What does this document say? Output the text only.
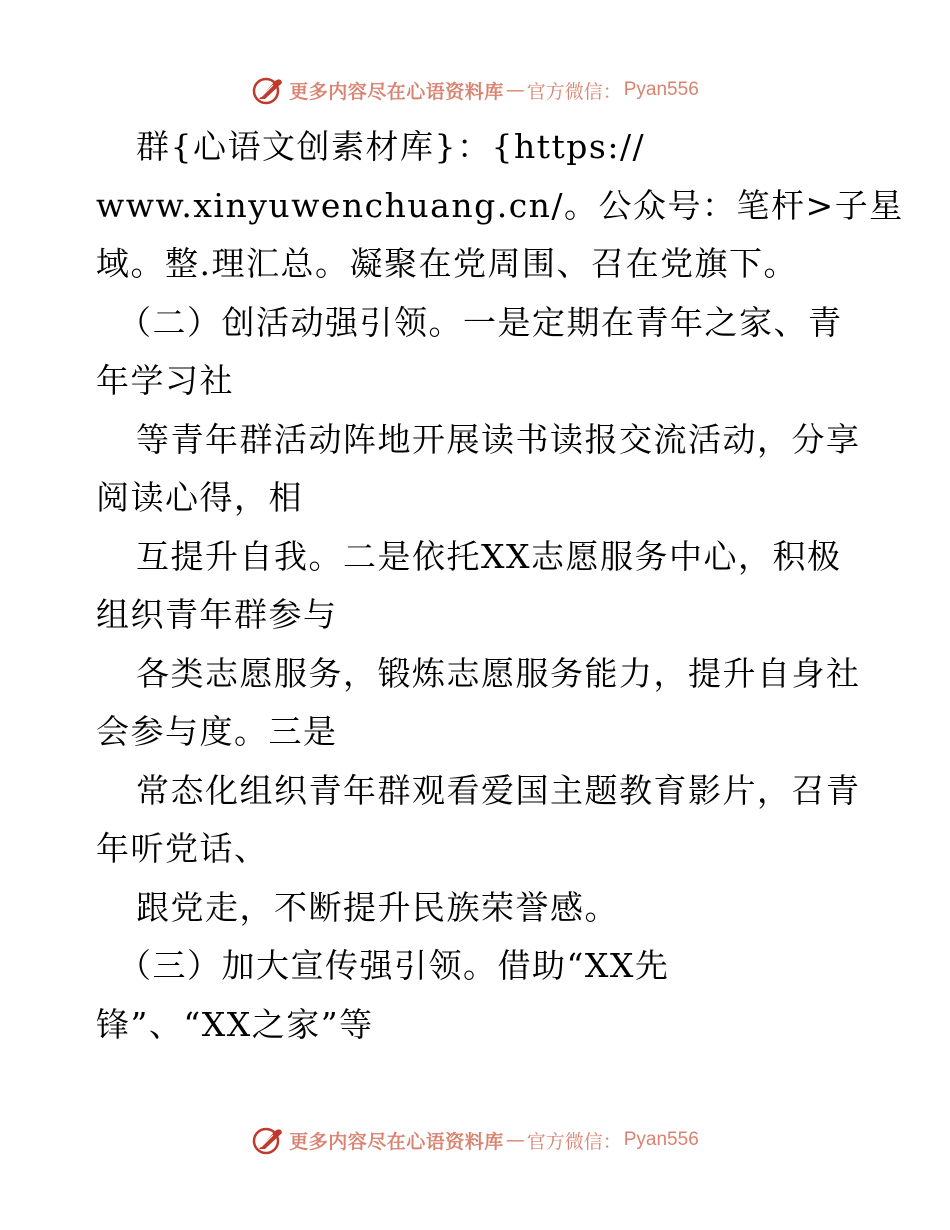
更多内容尽在心语资料库 — 官方微信： Pyan556
群{心语文创素材库}：{https://
www.xinyuwenchuang.cn/。公众号：笔杆>子星
域。整.理汇总。凝聚在党周围、召在党旗下。
（二）创活动强引领。一是定期在青年之家、青
年学习社
等青年群活动阵地开展读书读报交流活动，分享
阅读心得，相
互提升自我。二是依托XX志愿服务中心，积极
组织青年群参与
各类志愿服务，锻炼志愿服务能力，提升自身社
会参与度。三是
常态化组织青年群观看爱国主题教育影片，召青
年听党话、
跟党走，不断提升民族荣誉感。
（三）加大宣传强引领。借助“XX先
锋”、“XX之家”等
更多内容尽在心语资料库 — 官方微信： Pyan556
